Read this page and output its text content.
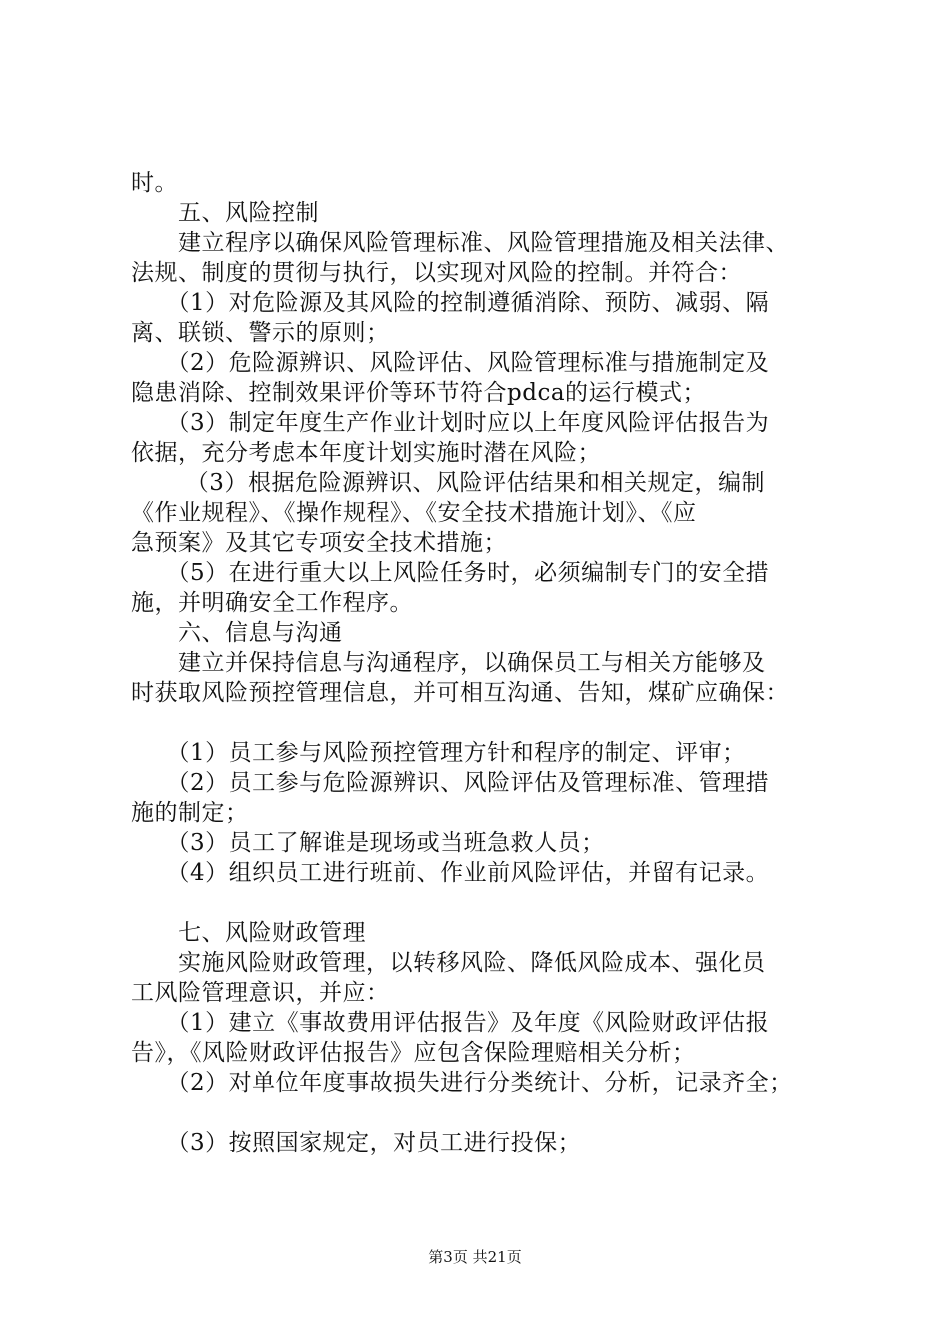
时。

　　五、风险控制

　　建立程序以确保风险管理标准、风险管理措施及相关法律、

法规、制度的贯彻与执行，以实现对风险的控制。并符合：

　　（1）对危险源及其风险的控制遵循消除、预防、减弱、隔

离、联锁、警示的原则；

　　（2）危险源辨识、风险评估、风险管理标准与措施制定及

隐患消除、控制效果评价等环节符合pdca的运行模式；

　　（3）制定年度生产作业计划时应以上年度风险评估报告为

依据，充分考虑本年度计划实施时潜在风险；

　　 （3）根据危险源辨识、风险评估结果和相关规定，编制

《作业规程》、《操作规程》、《安全技术措施计划》、《应

急预案》及其它专项安全技术措施；

　　（5）在进行重大以上风险任务时，必须编制专门的安全措

施，并明确安全工作程序。

　　六、信息与沟通

　　建立并保持信息与沟通程序，以确保员工与相关方能够及

时获取风险预控管理信息，并可相互沟通、告知，煤矿应确保：

　　（1）员工参与风险预控管理方针和程序的制定、评审；

　　（2）员工参与危险源辨识、风险评估及管理标准、管理措

施的制定；

　　（3）员工了解谁是现场或当班急救人员；

　　（4）组织员工进行班前、作业前风险评估，并留有记录。

　　七、风险财政管理

　　实施风险财政管理，以转移风险、降低风险成本、强化员

工风险管理意识，并应：

　　（1）建立《事故费用评估报告》及年度《风险财政评估报

告》，《风险财政评估报告》应包含保险理赔相关分析；

　　（2）对单位年度事故损失进行分类统计、分析，记录齐全；

　　（3）按照国家规定，对员工进行投保；

第3页 共21页
